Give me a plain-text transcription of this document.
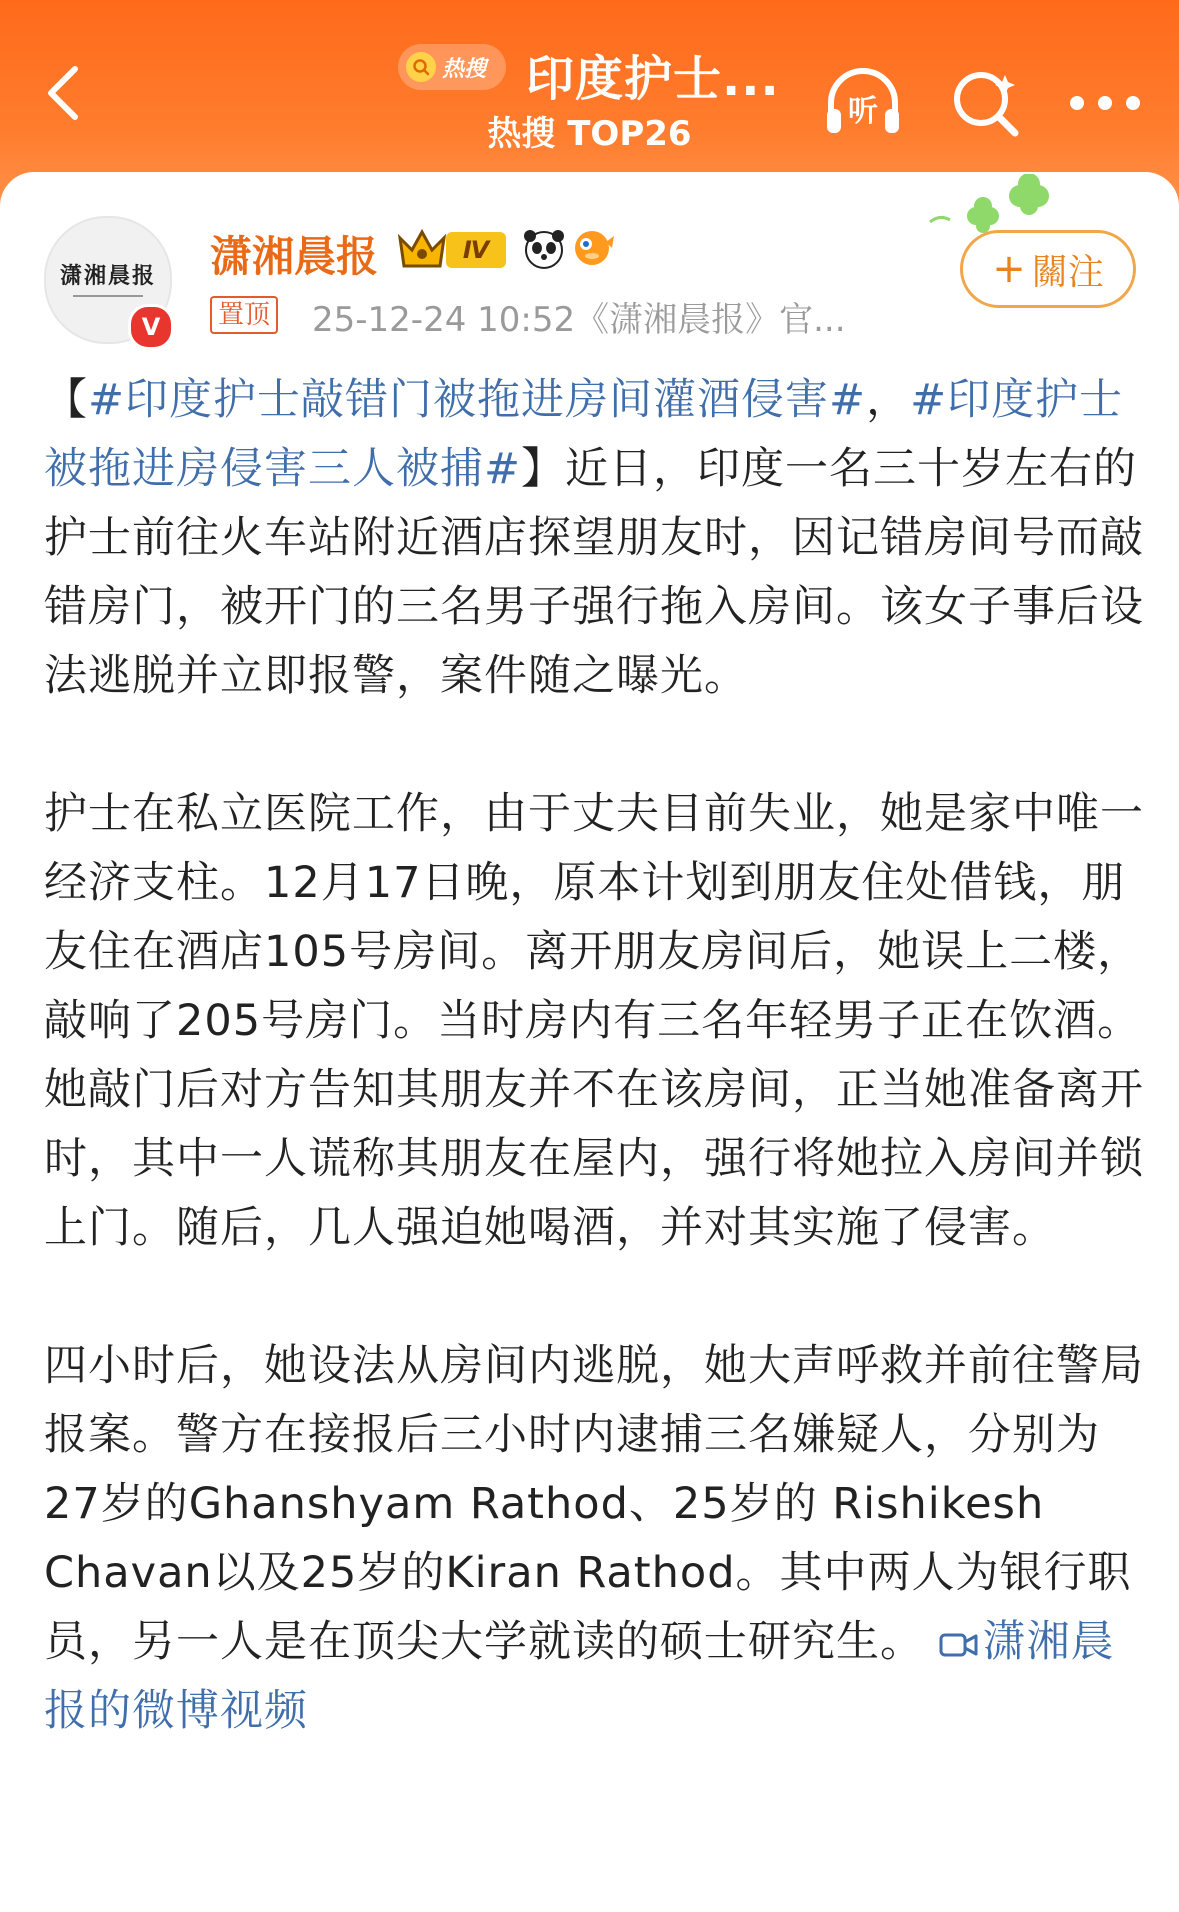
热搜 印度护士...
热搜 TOP26
听
潇湘晨报
V
潇湘晨报	Ⅳ
置顶 25-12-24 10:52《潇湘晨报》官...
+ 關注

【#印度护士敲错门被拖进房间灌酒侵害#，#印度护士被拖进房侵害三人被捕#】近日，印度一名三十岁左右的护士前往火车站附近酒店探望朋友时，因记错房间号而敲错房门，被开门的三名男子强行拖入房间。该女子事后设法逃脱并立即报警，案件随之曝光。

护士在私立医院工作，由于丈夫目前失业，她是家中唯一经济支柱。12月17日晚，原本计划到朋友住处借钱，朋友住在酒店105号房间。离开朋友房间后，她误上二楼，敲响了205号房门。当时房内有三名年轻男子正在饮酒。她敲门后对方告知其朋友并不在该房间，正当她准备离开时，其中一人谎称其朋友在屋内，强行将她拉入房间并锁上门。随后，几人强迫她喝酒，并对其实施了侵害。

四小时后，她设法从房间内逃脱，她大声呼救并前往警局报案。警方在接报后三小时内逮捕三名嫌疑人，分别为27岁的Ghanshyam Rathod、25岁的 Rishikesh Chavan以及25岁的Kiran Rathod。其中两人为银行职员，另一人是在顶尖大学就读的硕士研究生。 潇湘晨报的微博视频
